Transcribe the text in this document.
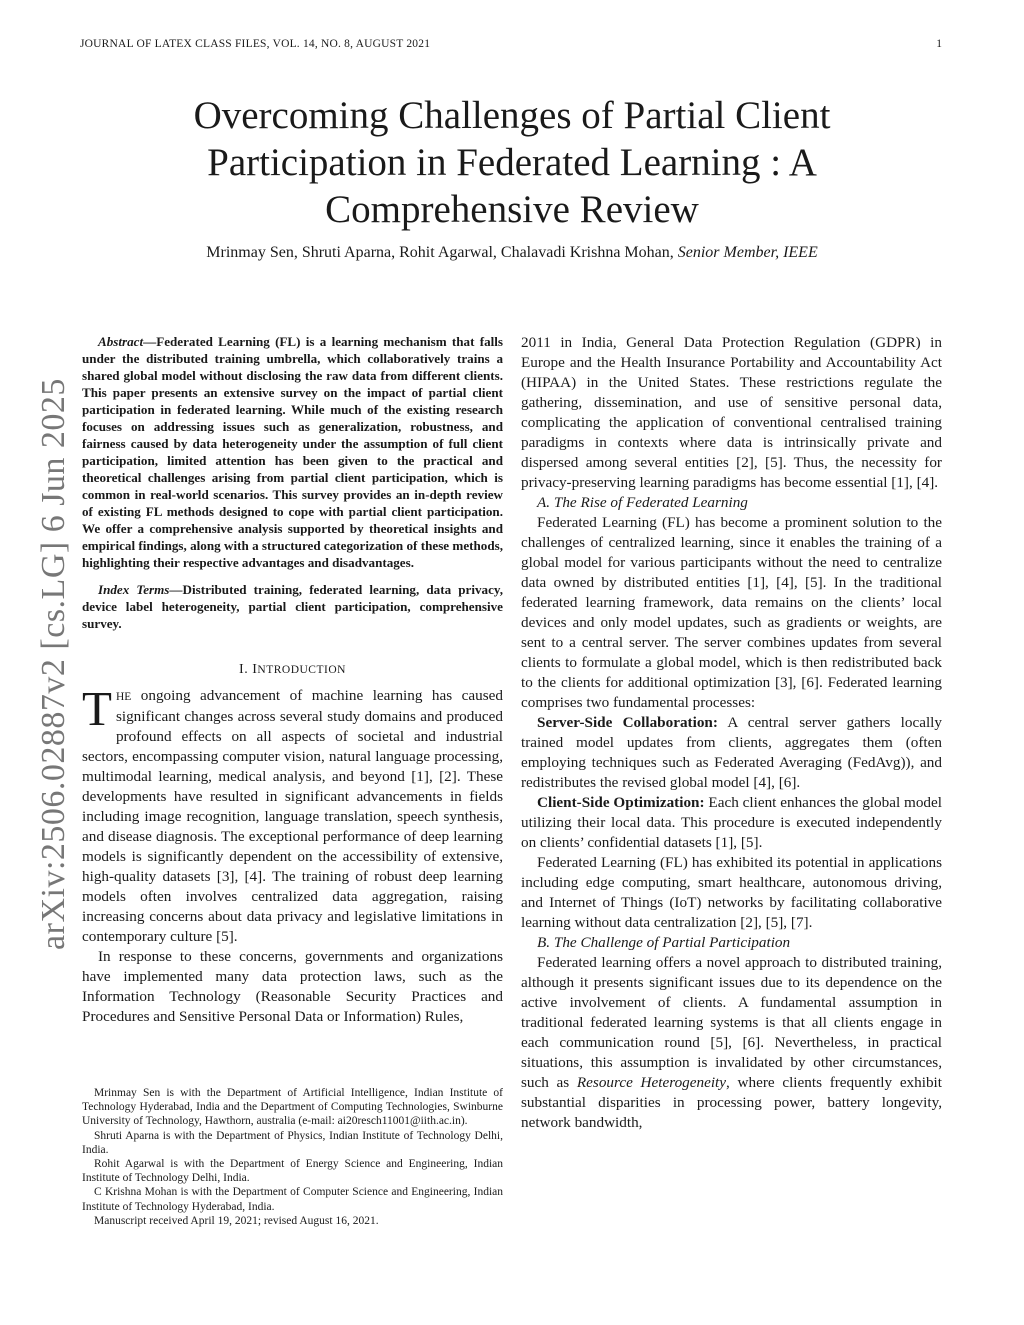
JOURNAL OF LATEX CLASS FILES, VOL. 14, NO. 8, AUGUST 2021	1
Overcoming Challenges of Partial Client Participation in Federated Learning : A Comprehensive Review
Mrinmay Sen, Shruti Aparna, Rohit Agarwal, Chalavadi Krishna Mohan, Senior Member, IEEE
arXiv:2506.02887v2 [cs.LG] 6 Jun 2025

Abstract—Federated Learning (FL) is a learning mechanism that falls under the distributed training umbrella, which collaboratively trains a shared global model without disclosing the raw data from different clients. This paper presents an extensive survey on the impact of partial client participation in federated learning. While much of the existing research focuses on addressing issues such as generalization, robustness, and fairness caused by data heterogeneity under the assumption of full client participation, limited attention has been given to the practical and theoretical challenges arising from partial client participation, which is common in real-world scenarios. This survey provides an in-depth review of existing FL methods designed to cope with partial client participation. We offer a comprehensive analysis supported by theoretical insights and empirical findings, along with a structured categorization of these methods, highlighting their respective advantages and disadvantages.

Index Terms—Distributed training, federated learning, data privacy, device label heterogeneity, partial client participation, comprehensive survey.

I. INTRODUCTION

THE ongoing advancement of machine learning has caused significant changes across several study domains and produced profound effects on all aspects of societal and industrial sectors, encompassing computer vision, natural language processing, multimodal learning, medical analysis, and beyond [1], [2]. These developments have resulted in significant advancements in fields including image recognition, language translation, speech synthesis, and disease diagnosis. The exceptional performance of deep learning models is significantly dependent on the accessibility of extensive, high-quality datasets [3], [4]. The training of robust deep learning models often involves centralized data aggregation, raising increasing concerns about data privacy and legislative limitations in contemporary culture [5].

In response to these concerns, governments and organizations have implemented many data protection laws, such as the Information Technology (Reasonable Security Practices and Procedures and Sensitive Personal Data or Information) Rules,

Mrinmay Sen is with the Department of Artificial Intelligence, Indian Institute of Technology Hyderabad, India and the Department of Computing Technologies, Swinburne University of Technology, Hawthorn, australia (e-mail: ai20resch11001@iith.ac.in).

Shruti Aparna is with the Department of Physics, Indian Institute of Technology Delhi, India.

Rohit Agarwal is with the Department of Energy Science and Engineering, Indian Institute of Technology Delhi, India.

C Krishna Mohan is with the Department of Computer Science and Engineering, Indian Institute of Technology Hyderabad, India.

Manuscript received April 19, 2021; revised August 16, 2021.

2011 in India, General Data Protection Regulation (GDPR) in Europe and the Health Insurance Portability and Accountability Act (HIPAA) in the United States. These restrictions regulate the gathering, dissemination, and use of sensitive personal data, complicating the application of conventional centralised training paradigms in contexts where data is intrinsically private and dispersed among several entities [2], [5]. Thus, the necessity for privacy-preserving learning paradigms has become essential [1], [4].

A. The Rise of Federated Learning

Federated Learning (FL) has become a prominent solution to the challenges of centralized learning, since it enables the training of a global model for various participants without the need to centralize data owned by distributed entities [1], [4], [5]. In the traditional federated learning framework, data remains on the clients’ local devices and only model updates, such as gradients or weights, are sent to a central server. The server combines updates from several clients to formulate a global model, which is then redistributed back to the clients for additional optimization [3], [6]. Federated learning comprises two fundamental processes:

Server-Side Collaboration: A central server gathers locally trained model updates from clients, aggregates them (often employing techniques such as Federated Averaging (FedAvg)), and redistributes the revised global model [4], [6].

Client-Side Optimization: Each client enhances the global model utilizing their local data. This procedure is executed independently on clients’ confidential datasets [1], [5].

Federated Learning (FL) has exhibited its potential in applications including edge computing, smart healthcare, autonomous driving, and Internet of Things (IoT) networks by facilitating collaborative learning without data centralization [2], [5], [7].

B. The Challenge of Partial Participation

Federated learning offers a novel approach to distributed training, although it presents significant issues due to its dependence on the active involvement of clients. A fundamental assumption in traditional federated learning systems is that all clients engage in each communication round [5], [6]. Nevertheless, in practical situations, this assumption is invalidated by other circumstances, such as Resource Heterogeneity, where clients frequently exhibit substantial disparities in processing power, battery longevity, network bandwidth,
